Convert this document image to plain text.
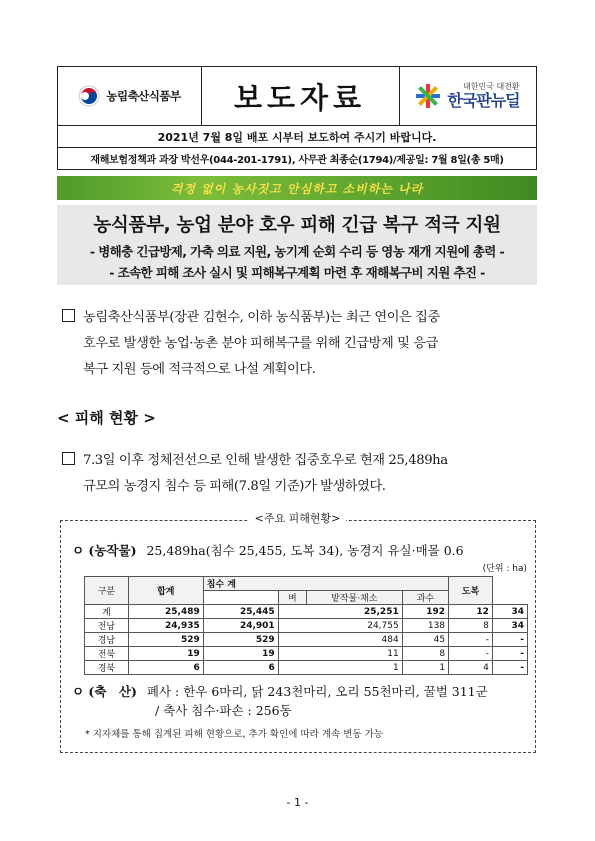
농림축산식품부 보도자료	대한민국 대전환
한국판뉴딜
2021년 7월 8일 배포 시부터 보도하여 주시기 바랍니다.
재해보험정책과 과장 박선우(044-201-1791), 사무관 최종순(1794)/제공일: 7월 8일(총 5매)
걱정 없이 농사짓고 안심하고 소비하는 나라
농식품부, 농업 분야 호우 피해 긴급 복구 적극 지원
- 병해충 긴급방제, 가축 의료 지원, 농기계 순회 수리 등 영농 재개 지원에 총력 -
- 조속한 피해 조사 실시 및 피해복구계획 마련 후 재해복구비 지원 추진 -
농림축산식품부(장관 김현수, 이하 농식품부)는 최근 연이은 집중
호우로 발생한 농업·농촌 분야 피해복구를 위해 긴급방제 및 응급
복구 지원 등에 적극적으로 나설 계획이다.
< 피해 현황 >
7.3일 이후 정체전선으로 인해 발생한 집중호우로 현재 25,489ha
규모의 농경지 침수 등 피해(7.8일 기준)가 발생하였다.
<주요 피해현황>
ㅇ (농작물) 25,489ha(침수 25,455, 도복 34), 농경지 유실·매몰 0.6
(단위 : ha)
구분	합계	침수 계				도복	
			벼	밭작물·채소	과수		
계	25,489	25,445	25,251		192	12	34
전남	24,935	24,901	24,755		138	8	34
경남	529	529	484		45	-	-
전북	19	19	11		8	-	-
경북	6	6	1		1	4	-
ㅇ (축　산) 폐사 : 한우 6마리, 닭 243천마리, 오리 55천마리, 꿀벌 311군
/ 축사 침수·파손 : 256동
* 지자체를 통해 집계된 피해 현황으로, 추가 확인에 따라 계속 변동 가능
- 1 -
